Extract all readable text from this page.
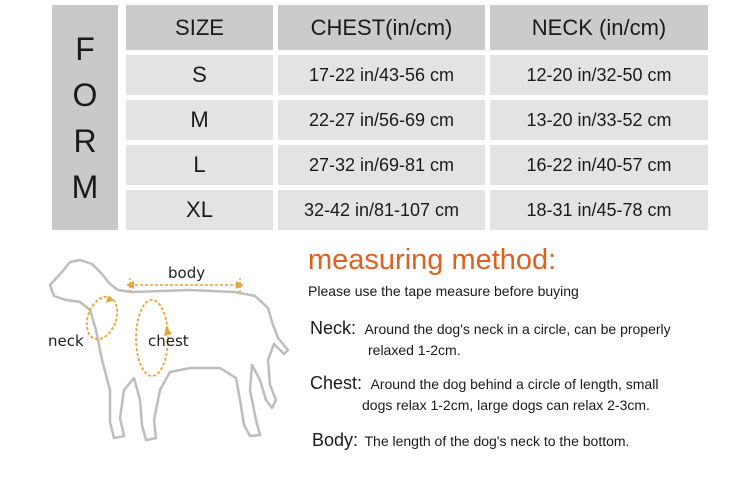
F
O
R
M
SIZE	CHEST(in/cm)	NECK (in/cm)
S	17-22 in/43-56 cm	12-20 in/32-50 cm
M	22-27 in/56-69 cm	13-20 in/33-52 cm
L	27-32 in/69-81 cm	16-22 in/40-57 cm
XL	32-42 in/81-107 cm	18-31 in/45-78 cm
body
neck	chest
measuring method:
Please use the tape measure before buying
Neck: Around the dog's neck in a circle, can be properly
relaxed 1-2cm.
Chest: Around the dog behind a circle of length, small
dogs relax 1-2cm, large dogs can relax 2-3cm.
Body: The length of the dog's neck to the bottom.
